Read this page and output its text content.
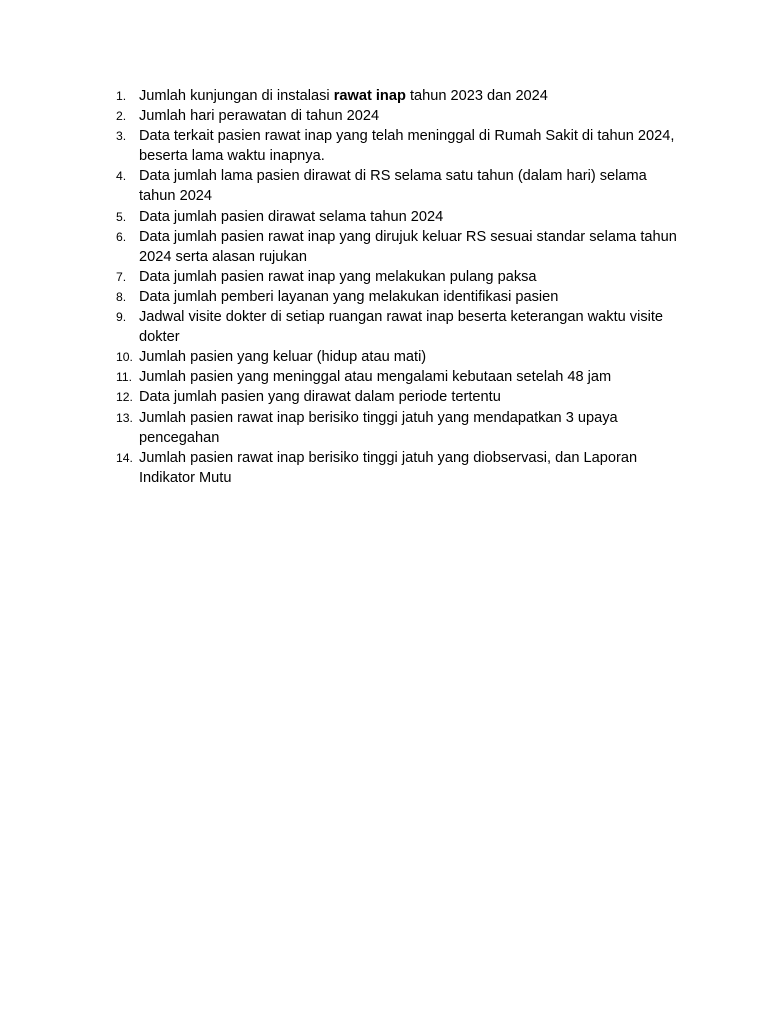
1. Jumlah kunjungan di instalasi rawat inap tahun 2023 dan 2024
2. Jumlah hari perawatan di tahun 2024
3. Data terkait pasien rawat inap yang telah meninggal di Rumah Sakit di tahun 2024, beserta lama waktu inapnya.
4. Data jumlah lama pasien dirawat di RS selama satu tahun (dalam hari) selama tahun 2024
5. Data jumlah pasien dirawat selama tahun 2024
6. Data jumlah pasien rawat inap yang dirujuk keluar RS sesuai standar selama tahun 2024 serta alasan rujukan
7. Data jumlah pasien rawat inap yang melakukan pulang paksa
8. Data jumlah pemberi layanan yang melakukan identifikasi pasien
9. Jadwal visite dokter di setiap ruangan rawat inap beserta keterangan waktu visite dokter
10. Jumlah pasien yang keluar (hidup atau mati)
11. Jumlah pasien yang meninggal atau mengalami kebutaan setelah 48 jam
12. Data jumlah pasien yang dirawat dalam periode tertentu
13. Jumlah pasien rawat inap berisiko tinggi jatuh yang mendapatkan 3 upaya pencegahan
14. Jumlah pasien rawat inap berisiko tinggi jatuh yang diobservasi, dan Laporan Indikator Mutu
